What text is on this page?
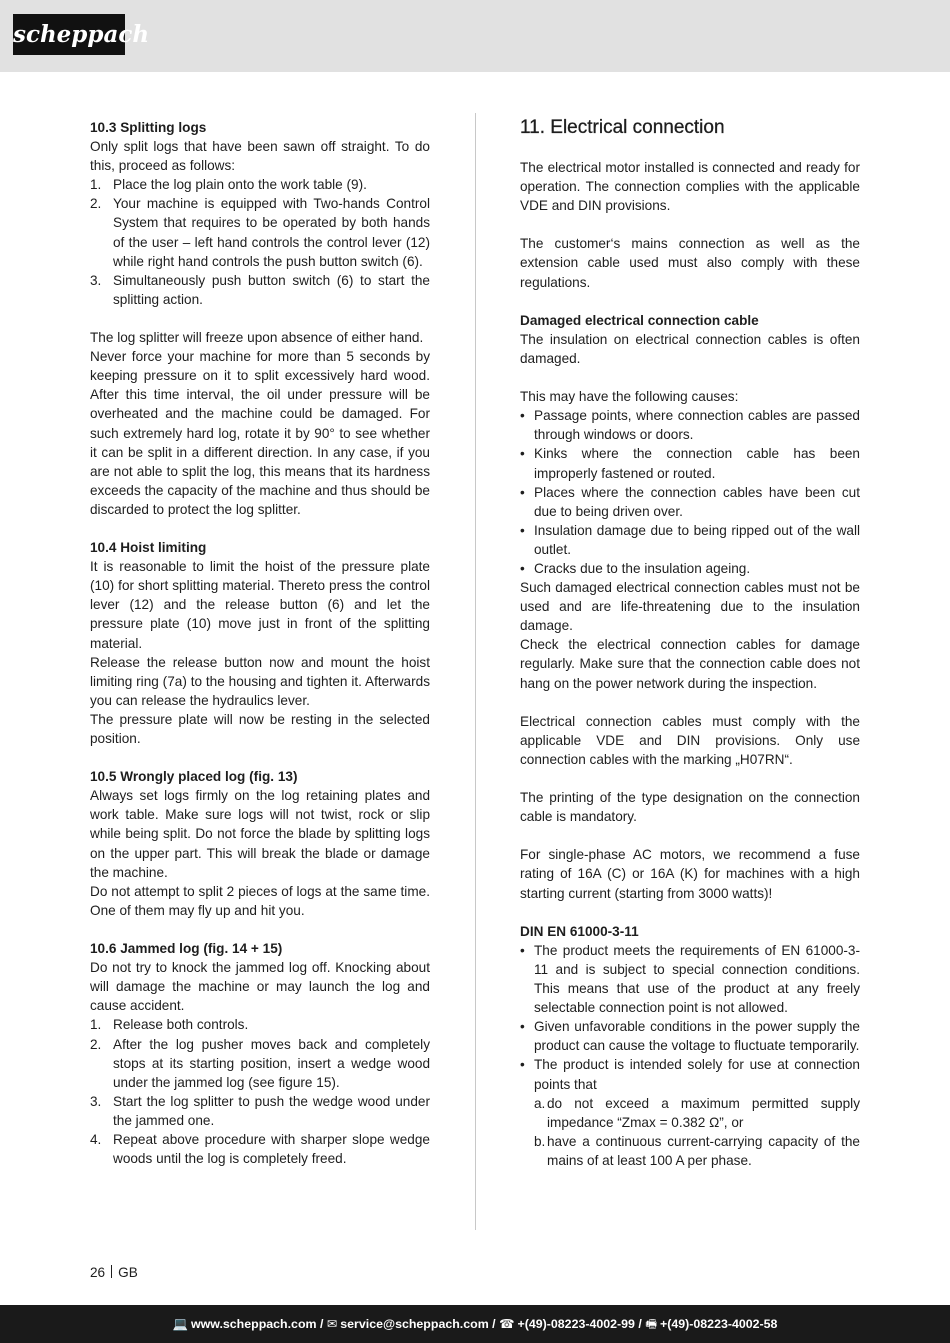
scheppach

10.3 Splitting logs

Only split logs that have been sawn off straight. To do this, proceed as follows:

1. Place the log plain onto the work table (9).
2. Your machine is equipped with Two-hands Control System that requires to be operated by both hands of the user – left hand controls the control lever (12) while right hand controls the push button switch (6).
3. Simultaneously push button switch (6) to start the splitting action.

The log splitter will freeze upon absence of either hand.

Never force your machine for more than 5 seconds by keeping pressure on it to split excessively hard wood. After this time interval, the oil under pressure will be overheated and the machine could be damaged. For such extremely hard log, rotate it by 90° to see whether it can be split in a different direction. In any case, if you are not able to split the log, this means that its hardness exceeds the capacity of the machine and thus should be discarded to protect the log splitter.

10.4 Hoist limiting

It is reasonable to limit the hoist of the pressure plate (10) for short splitting material. Thereto press the control lever (12) and the release button (6) and let the pressure plate (10) move just in front of the splitting material.

Release the release button now and mount the hoist limiting ring (7a) to the housing and tighten it. Afterwards you can release the hydraulics lever.

The pressure plate will now be resting in the selected position.

10.5 Wrongly placed log (fig. 13)

Always set logs firmly on the log retaining plates and work table. Make sure logs will not twist, rock or slip while being split. Do not force the blade by splitting logs on the upper part. This will break the blade or damage the machine.

Do not attempt to split 2 pieces of logs at the same time. One of them may fly up and hit you.

10.6 Jammed log (fig. 14 + 15)

Do not try to knock the jammed log off. Knocking about will damage the machine or may launch the log and cause accident.

1. Release both controls.
2. After the log pusher moves back and completely stops at its starting position, insert a wedge wood under the jammed log (see figure 15).
3. Start the log splitter to push the wedge wood under the jammed one.
4. Repeat above procedure with sharper slope wedge woods until the log is completely freed.
11. Electrical connection

The electrical motor installed is connected and ready for operation. The connection complies with the applicable VDE and DIN provisions.

The customer‘s mains connection as well as the extension cable used must also comply with these regulations.

Damaged electrical connection cable

The insulation on electrical connection cables is often damaged.

This may have the following causes:

• Passage points, where connection cables are passed through windows or doors.
• Kinks where the connection cable has been improperly fastened or routed.
• Places where the connection cables have been cut due to being driven over.
• Insulation damage due to being ripped out of the wall outlet.
• Cracks due to the insulation ageing.

Such damaged electrical connection cables must not be used and are life-threatening due to the insulation damage.

Check the electrical connection cables for damage regularly. Make sure that the connection cable does not hang on the power network during the inspection.

Electrical connection cables must comply with the applicable VDE and DIN provisions. Only use connection cables with the marking „H07RN“.

The printing of the type designation on the connection cable is mandatory.

For single-phase AC motors, we recommend a fuse rating of 16A (C) or 16A (K) for machines with a high starting current (starting from 3000 watts)!

DIN EN 61000-3-11

• The product meets the requirements of EN 61000-3-11 and is subject to special connection conditions. This means that use of the product at any freely selectable connection point is not allowed.
• Given unfavorable conditions in the power supply the product can cause the voltage to fluctuate temporarily.
• The product is intended solely for use at connection points that
a. do not exceed a maximum permitted supply impedance “Zmax = 0.382 Ω”, or
b. have a continuous current-carrying capacity of the mains of at least 100 A per phase.
26 GB
💻 www.scheppach.com / ✉ service@scheppach.com / ☎ +(49)-08223-4002-99 / 🖷 +(49)-08223-4002-58
